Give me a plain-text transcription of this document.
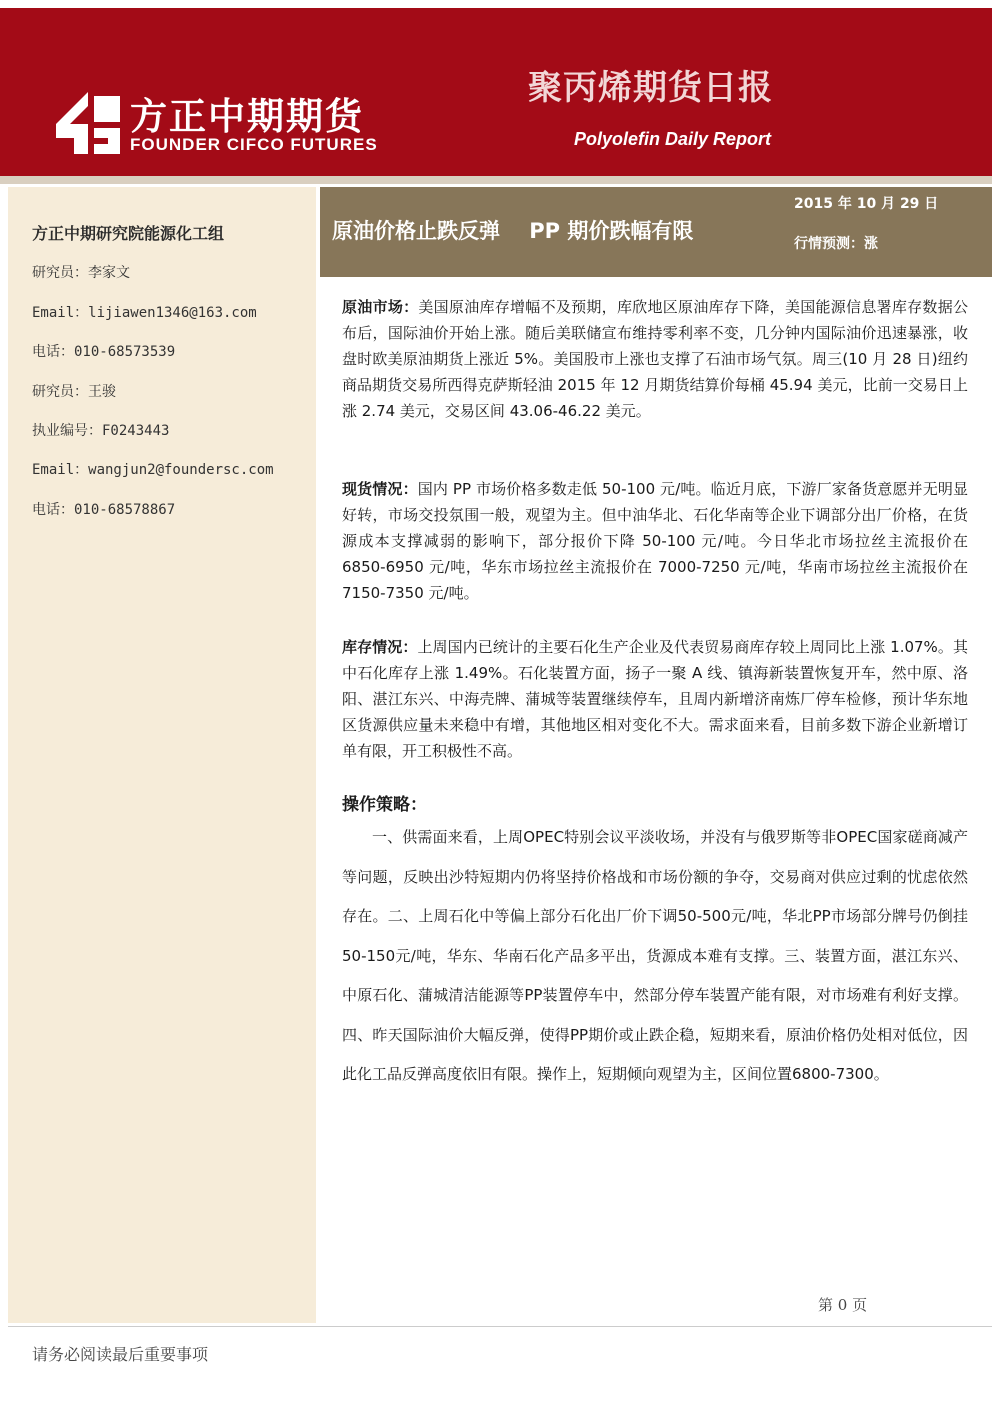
方正中期期货
FOUNDER CIFCO FUTURES
聚丙烯期货日报
Polyolefin Daily Report
方正中期研究院能源化工组
研究员：李家文
Email：lijiawen1346@163.com
电话：010-68573539
研究员：王骏
执业编号：F0243443
Email：wangjun2@foundersc.com
电话：010-68578867
原油价格止跌反弹    PP 期价跌幅有限
2015 年 10 月 29 日
行情预测：涨
原油市场：美国原油库存增幅不及预期，库欣地区原油库存下降，美国能源信息署库存数据公布后，国际油价开始上涨。随后美联储宣布维持零利率不变，几分钟内国际油价迅速暴涨，收盘时欧美原油期货上涨近 5%。美国股市上涨也支撑了石油市场气氛。周三(10 月 28 日)纽约商品期货交易所西得克萨斯轻油 2015 年 12 月期货结算价每桶 45.94 美元，比前一交易日上涨 2.74 美元，交易区间 43.06-46.22 美元。
现货情况：国内 PP 市场价格多数走低 50-100 元/吨。临近月底，下游厂家备货意愿并无明显好转，市场交投氛围一般，观望为主。但中油华北、石化华南等企业下调部分出厂价格，在货源成本支撑减弱的影响下，部分报价下降 50-100 元/吨。今日华北市场拉丝主流报价在 6850-6950 元/吨，华东市场拉丝主流报价在 7000-7250 元/吨，华南市场拉丝主流报价在 7150-7350 元/吨。
库存情况：上周国内已统计的主要石化生产企业及代表贸易商库存较上周同比上涨 1.07%。其中石化库存上涨 1.49%。石化装置方面，扬子一聚 A 线、镇海新装置恢复开车，然中原、洛阳、湛江东兴、中海壳牌、蒲城等装置继续停车，且周内新增济南炼厂停车检修，预计华东地区货源供应量未来稳中有增，其他地区相对变化不大。需求面来看，目前多数下游企业新增订单有限，开工积极性不高。
操作策略：
一、供需面来看，上周OPEC特别会议平淡收场，并没有与俄罗斯等非OPEC国家磋商减产等问题，反映出沙特短期内仍将坚持价格战和市场份额的争夺，交易商对供应过剩的忧虑依然存在。二、上周石化中等偏上部分石化出厂价下调50-500元/吨，华北PP市场部分牌号仍倒挂50-150元/吨，华东、华南石化产品多平出，货源成本难有支撑。三、装置方面，湛江东兴、中原石化、蒲城清洁能源等PP装置停车中，然部分停车装置产能有限，对市场难有利好支撑。四、昨天国际油价大幅反弹，使得PP期价或止跌企稳，短期来看，原油价格仍处相对低位，因此化工品反弹高度依旧有限。操作上，短期倾向观望为主，区间位置6800-7300。
第 0 页
请务必阅读最后重要事项
